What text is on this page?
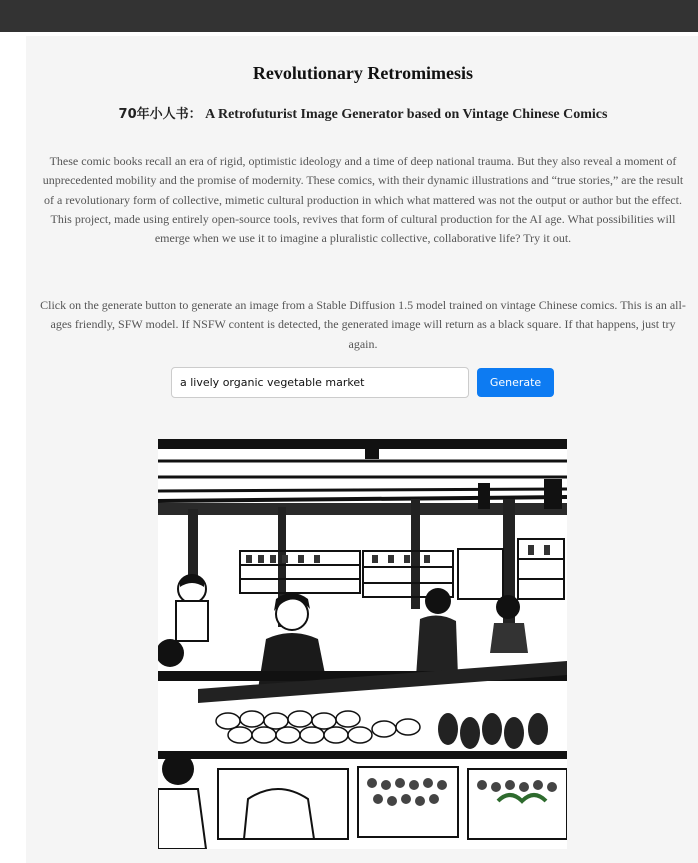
Revolutionary Retromimesis
70年小人书： A Retrofuturist Image Generator based on Vintage Chinese Comics

These comic books recall an era of rigid, optimistic ideology and a time of deep national trauma. But they also reveal a moment of unprecedented mobility and the promise of modernity. These comics, with their dynamic illustrations and “true stories,” are the result of a revolutionary form of collective, mimetic cultural production in which what mattered was not the output or author but the effect. This project, made using entirely open-source tools, revives that form of cultural production for the AI age. What possibilities will emerge when we use it to imagine a pluralistic collective, collaborative life? Try it out.

Click on the generate button to generate an image from a Stable Diffusion 1.5 model trained on vintage Chinese comics. This is an all-ages friendly, SFW model. If NSFW content is detected, the generated image will return as a black square. If that happens, just try again.

a lively organic vegetable market
Generate
